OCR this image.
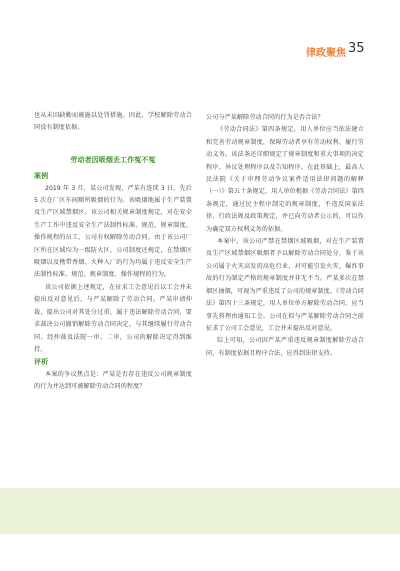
律政聚焦 35

也从未因缺勤而被施以处罚措施。因此，学校解除劳动合同没有制度依据。

劳动者因吸烟丢工作冤不冤

案例

2019 年 3 月，某公司发现，严某有连续 3 日、先后 5 次在厂区车间厕所吸烟的行为。该吸烟地属于生产装置及生产区域禁烟区。该公司相关规章制度规定，对在安全生产工作中违反安全生产法制性标准、规范、规章制度、操作规程的员工，公司有权解除劳动合同。由于该公司厂区所在区域均为一级防火区，公司制度还规定，在禁烟区吸烟以及携带香烟、火种入厂的行为均属于违反安全生产法制性标准、规范、规章制度、操作规程的行为。

该公司依据上述规定，在征求工会意见后以工会并未提出反对意见后，与严某解除了劳动合同。严某申请仲裁，提出公司对其处分过重，属于违法解除劳动合同，要求裁决公司撤销解除劳动合同决定，与其继续履行劳动合同。经仲裁及法院一审、二审，公司的解除决定得到维持。

评析

本案的争议焦点是：严某是否存在违反公司规章制度的行为并达到可被解除劳动合同的程度？

公司与严某解除劳动合同的行为是否合法？

《劳动合同法》第四条规定，用人单位应当依法建立和完善劳动规章制度，保障劳动者享有劳动权利、履行劳动义务。该法条还详细规定了规章制度和重大事项的决定程序、异议处理程序以及告知程序。在此基础上，最高人民法院《关于审理劳动争议案件适用法律问题的解释（一）》第五十条规定，用人单位根据《劳动合同法》第四条规定，通过民主程序制定的规章制度，不违反国家法律、行政法规及政策规定，并已向劳动者公示的，可以作为确定双方权利义务的依据。

本案中，该公司严禁在禁烟区域吸烟，对在生产装置及生产区域禁烟区吸烟者予以解除劳动合同处分，鉴于该公司属于火灾高发的高危行业，对可能引发火灾、爆炸事故的行为制定严格的规章制度并非无不当。严某多次在禁烟区抽烟，可视为严重违反了公司的规章制度。《劳动合同法》第四十三条规定，用人单位单方解除劳动合同，应当事先将理由通知工会。公司在拟与严某解除劳动合同之前征求了公司工会意见，工会并未提出反对意见。

综上可知，公司因严某严重违反规章制度解除劳动合同，有制度依据且程序合法，应得到法律支持。
